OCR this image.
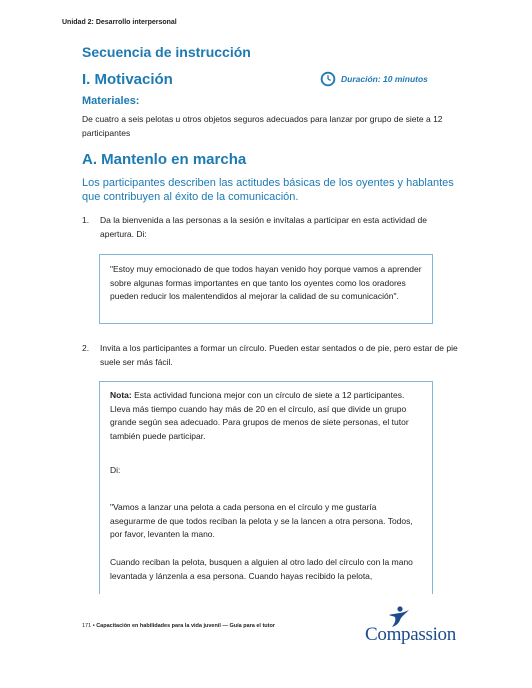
Unidad 2: Desarrollo interpersonal
Secuencia de instrucción
I. Motivación	Duración: 10 minutos
Materiales:
De cuatro a seis pelotas u otros objetos seguros adecuados para lanzar por grupo de siete a 12 participantes
A. Mantenlo en marcha
Los participantes describen las actitudes básicas de los oyentes y hablantes que contribuyen al éxito de la comunicación.
1. Da la bienvenida a las personas a la sesión e invítalas a participar en esta actividad de apertura. Di:

"Estoy muy emocionado de que todos hayan venido hoy porque vamos a aprender sobre algunas formas importantes en que tanto los oyentes como los oradores pueden reducir los malentendidos al mejorar la calidad de su comunicación".

2. Invita a los participantes a formar un círculo. Pueden estar sentados o de pie, pero estar de pie suele ser más fácil.
Nota: Esta actividad funciona mejor con un círculo de siete a 12 participantes. Lleva más tiempo cuando hay más de 20 en el círculo, así que divide un grupo grande según sea adecuado. Para grupos de menos de siete personas, el tutor también puede participar.
Di:
"Vamos a lanzar una pelota a cada persona en el círculo y me gustaría asegurarme de que todos reciban la pelota y se la lancen a otra persona. Todos, por favor, levanten la mano.
Cuando reciban la pelota, busquen a alguien al otro lado del círculo con la mano levantada y lánzenla a esa persona. Cuando hayas recibido la pelota,
171 • Capacitación en habilidades para la vida juvenil — Guía para el tutor	Compassion
